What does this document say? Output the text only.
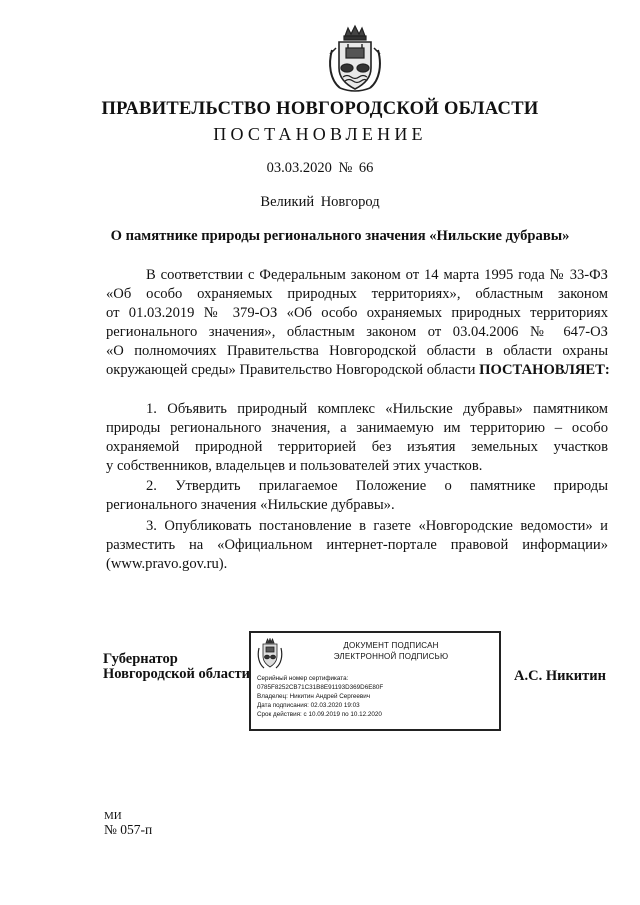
ПРАВИТЕЛЬСТВО НОВГОРОДСКОЙ ОБЛАСТИ
ПОСТАНОВЛЕНИЕ
03.03.2020 № 66
Великий Новгород
О памятнике природы регионального значения «Нильские дубравы»
В соответствии с Федеральным законом от 14 марта 1995 года № 33-ФЗ
«Об особо охраняемых природных территориях», областным законом
от 01.03.2019 № 379-ОЗ «Об особо охраняемых природных территориях
регионального значения», областным законом от 03.04.2006 № 647-ОЗ
«О полномочиях Правительства Новгородской области в области охраны
окружающей среды» Правительство Новгородской области ПОСТАНОВЛЯЕТ:
1. Объявить природный комплекс «Нильские дубравы» памятником
природы регионального значения, а занимаемую им территорию – особо
охраняемой природной территорией без изъятия земельных участков
у собственников, владельцев и пользователей этих участков.
2. Утвердить прилагаемое Положение о памятнике природы
регионального значения «Нильские дубравы».
3. Опубликовать постановление в газете «Новгородские ведомости» и
разместить на «Официальном интернет-портале правовой информации»
(www.pravo.gov.ru).
Губернатор
Новгородской области
ДОКУМЕНТ ПОДПИСАН
ЭЛЕКТРОННОЙ ПОДПИСЬЮ
Серийный номер сертификата:
0785F8252CB71C31B8E91193D369D6E80F
Владелец: Никитин Андрей Сергеевич
Дата подписания: 02.03.2020 19:03
Срок действия: с 10.09.2019 по 10.12.2020
А.С. Никитин
МИ
№ 057-п
